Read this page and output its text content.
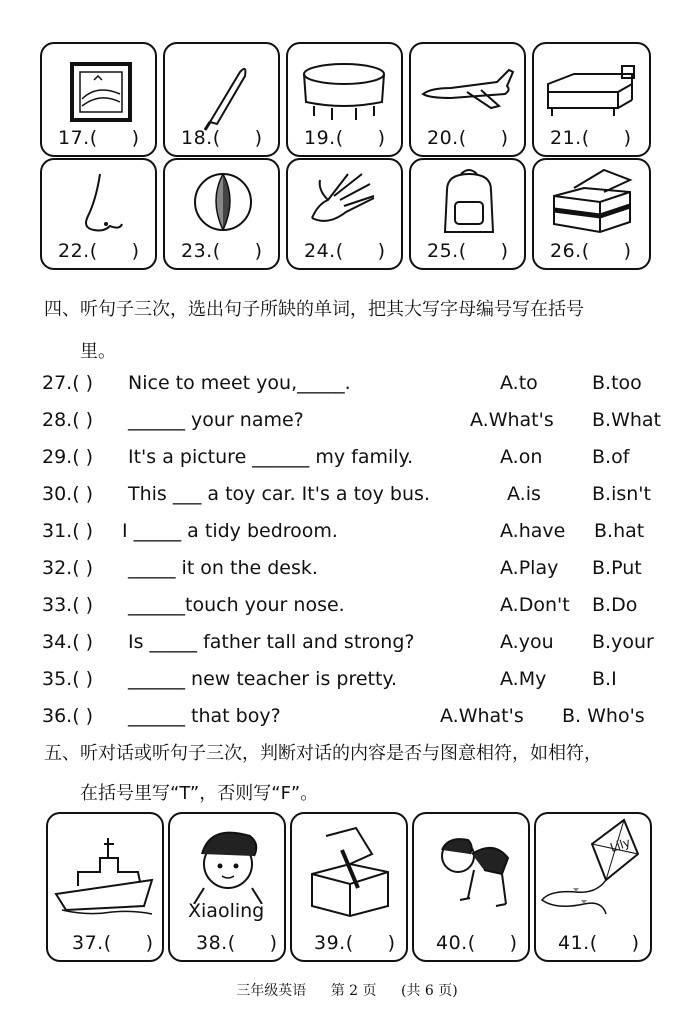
17.( ) 18.( ) 19.( ) 20.( ) 21.( )
22.( ) 23.( ) 24.( ) 25.( ) 26.( )
四、听句子三次，选出句子所缺的单词，把其大写字母编号写在括号
里。
27.( ) Nice to meet you,_____.	A.to	B.too
28.( ) ______ your name?	A.What's B.What
29.( ) It's a picture ______ my family.	A.on	B.of
30.( ) This ___ a toy car. It's a toy bus.	A.is	B.isn't
31.( ) I _____ a tidy bedroom.	A.have B.hat
32.( ) _____ it on the desk.	A.Play B.Put
33.( ) ______touch your nose.	A.Don't B.Do
34.( ) Is _____ father tall and strong?	A.you B.your
35.( ) ______ new teacher is pretty.	A.My B.I
36.( ) ______ that boy?	A.What's B. Who's
五、听对话或听句子三次，判断对话的内容是否与图意相符，如相符，
在括号里写“T”，否则写“F”。
37.( )
Xiaoling
38.( ) 39.( ) 40.( )
Lily
41.( )
三年级英语 第 2 页 (共 6 页)
